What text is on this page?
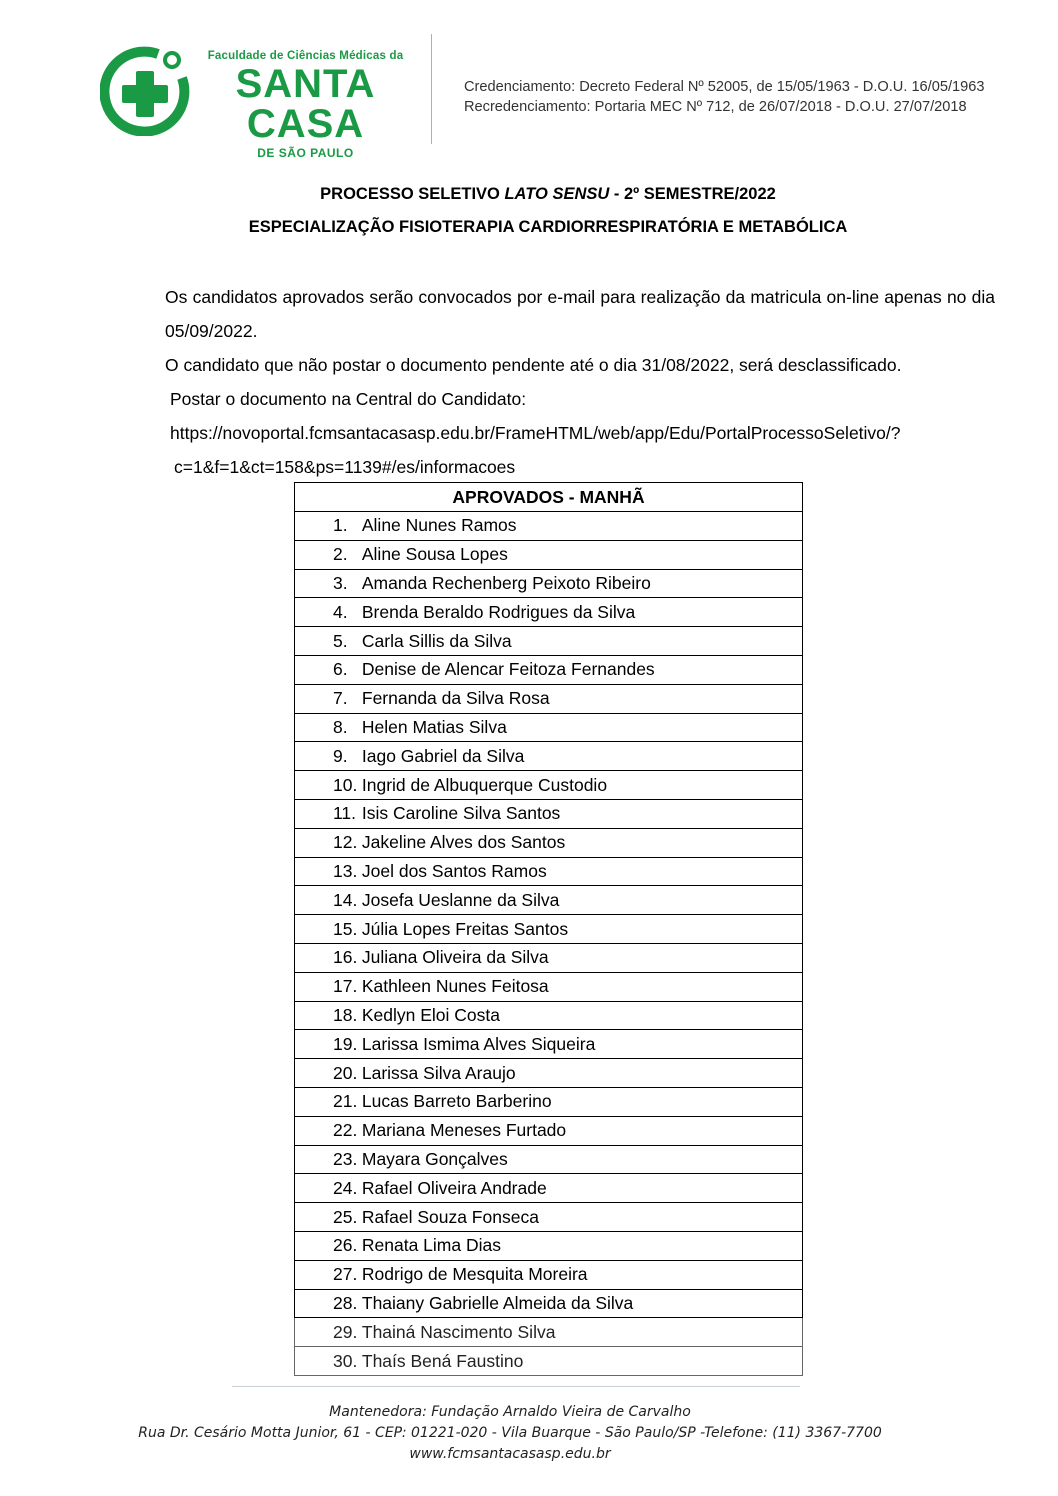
Faculdade de Ciências Médicas da
SANTA CASA
DE SÃO PAULO
Credenciamento: Decreto Federal Nº 52005, de 15/05/1963 - D.O.U. 16/05/1963
Recredenciamento: Portaria MEC Nº 712, de 26/07/2018 - D.O.U. 27/07/2018
PROCESSO SELETIVO LATO SENSU - 2º SEMESTRE/2022
ESPECIALIZAÇÃO FISIOTERAPIA CARDIORRESPIRATÓRIA E METABÓLICA
Os candidatos aprovados serão convocados por e-mail para realização da matricula on-line apenas no dia 05/09/2022.
O candidato que não postar o documento pendente até o dia 31/08/2022, será desclassificado.
Postar o documento na Central do Candidato:
https://novoportal.fcmsantacasasp.edu.br/FrameHTML/web/app/Edu/PortalProcessoSeletivo/?
c=1&f=1&ct=158&ps=1139#/es/informacoes
APROVADOS - MANHÃ
1. Aline Nunes Ramos
2. Aline Sousa Lopes
3. Amanda Rechenberg Peixoto Ribeiro
4. Brenda Beraldo Rodrigues da Silva
5. Carla Sillis da Silva
6. Denise de Alencar Feitoza Fernandes
7. Fernanda da Silva Rosa
8. Helen Matias Silva
9. Iago Gabriel da Silva
10. Ingrid de Albuquerque Custodio
11. Isis Caroline Silva Santos
12. Jakeline Alves dos Santos
13. Joel dos Santos Ramos
14. Josefa Ueslanne da Silva
15. Júlia Lopes Freitas Santos
16. Juliana Oliveira da Silva
17. Kathleen Nunes Feitosa
18. Kedlyn Eloi Costa
19. Larissa Ismima Alves Siqueira
20. Larissa Silva Araujo
21. Lucas Barreto Barberino
22. Mariana Meneses Furtado
23. Mayara Gonçalves
24. Rafael Oliveira Andrade
25. Rafael Souza Fonseca
26. Renata Lima Dias
27. Rodrigo de Mesquita Moreira
28. Thaiany Gabrielle Almeida da Silva
29. Thainá Nascimento Silva
30. Thaís Bená Faustino
Mantenedora: Fundação Arnaldo Vieira de Carvalho
Rua Dr. Cesário Motta Junior, 61 - CEP: 01221-020 - Vila Buarque - São Paulo/SP -Telefone: (11) 3367-7700
www.fcmsantacasasp.edu.br
